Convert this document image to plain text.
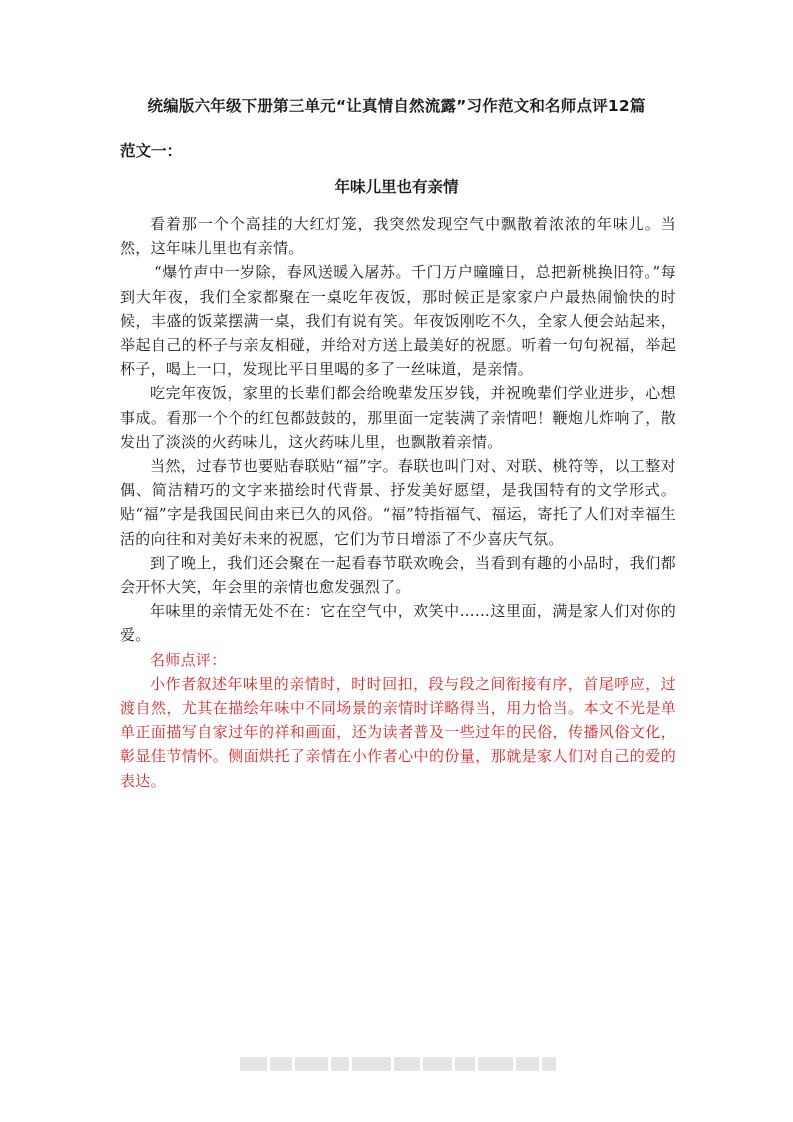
统编版六年级下册第三单元“让真情自然流露”习作范文和名师点评12篇
范文一：
年味儿里也有亲情

看着那一个个高挂的大红灯笼，我突然发现空气中飘散着浓浓的年味儿。当然，这年味儿里也有亲情。

“爆竹声中一岁除，春风送暖入屠苏。千门万户曈曈日，总把新桃换旧符。”每到大年夜，我们全家都聚在一桌吃年夜饭，那时候正是家家户户最热闹愉快的时候，丰盛的饭菜摆满一桌，我们有说有笑。年夜饭刚吃不久，全家人便会站起来，举起自己的杯子与亲友相碰，并给对方送上最美好的祝愿。听着一句句祝福，举起杯子，喝上一口，发现比平日里喝的多了一丝味道，是亲情。

吃完年夜饭，家里的长辈们都会给晚辈发压岁钱，并祝晚辈们学业进步，心想事成。看那一个个的红包都鼓鼓的，那里面一定装满了亲情吧！鞭炮儿炸响了，散发出了淡淡的火药味儿，这火药味儿里，也飘散着亲情。

当然，过春节也要贴春联贴“福”字。春联也叫门对、对联、桃符等，以工整对偶、简洁精巧的文字来描绘时代背景、抒发美好愿望，是我国特有的文学形式。贴“福”字是我国民间由来已久的风俗。“福”特指福气、福运，寄托了人们对幸福生活的向往和对美好未来的祝愿，它们为节日增添了不少喜庆气氛。

到了晚上，我们还会聚在一起看春节联欢晚会，当看到有趣的小品时，我们都会开怀大笑，年会里的亲情也愈发强烈了。

年味里的亲情无处不在：它在空气中，欢笑中……这里面，满是家人们对你的爱。

名师点评：

小作者叙述年味里的亲情时，时时回扣，段与段之间衔接有序，首尾呼应，过渡自然，尤其在描绘年味中不同场景的亲情时详略得当，用力恰当。本文不光是单单正面描写自家过年的祥和画面，还为读者普及一些过年的民俗，传播风俗文化，彰显佳节情怀。侧面烘托了亲情在小作者心中的份量，那就是家人们对自己的爱的表达。
